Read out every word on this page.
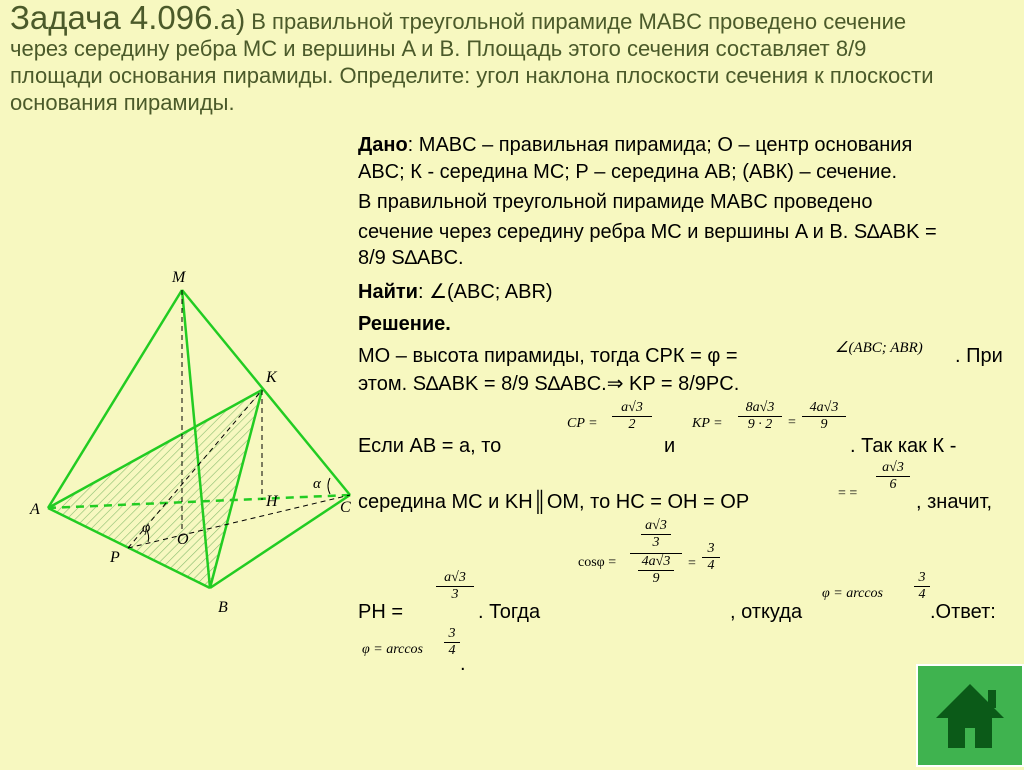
Задача 4.096.а) В правильной треугольной пирамиде MABC проведено сечение
через середину ребра MC и вершины A и B. Площадь этого сечения составляет 8/9
площади основания пирамиды. Определите: угол наклона плоскости сечения к плоскости
основания пирамиды.
Дано: MABC – правильная пирамида; O – центр основания
ABC; К - середина MC; Р – середина AB; (ABК) – сечение.
В правильной треугольной пирамиде MABC проведено
сечение через середину ребра MC и вершины A и B. S∆ABK =
8/9 S∆ABC.
Найти: ∠(ABC; ABR)
Решение.
MO – высота пирамиды, тогда СРК = φ =	∠(ABC; ABR) . При
этом. S∆ABK = 8/9 S∆ABC.⇒ KP = 8/9PC.
Если AB = a, то
CP =
a√3
2
и
KP =
8a√3
9 · 2 =
4a√3
9
. Так как К -
середина MC и KH║OM, то HC = OH = OP	= =
a√3
6
, значит,
PH =
a√3
3
. Тогда
cosφ =
a√3
3
4a√3
9
=
3
4
, откуда
φ = arccos
3
4
.Ответ:
φ = arccos
3
4
.
M
К
A
B
C
H
O
P
α
φ
